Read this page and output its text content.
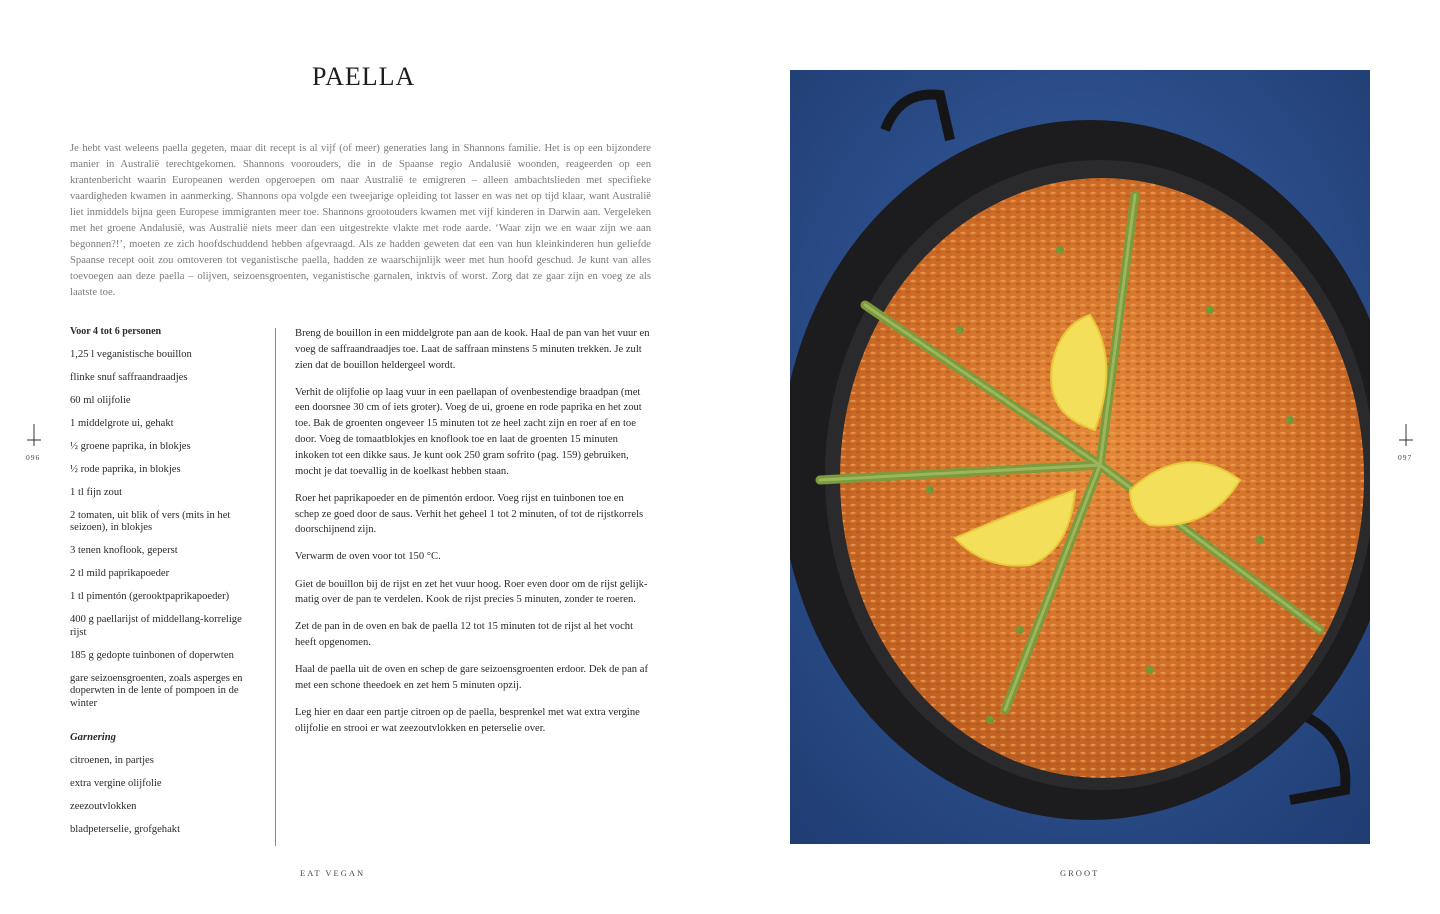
PAELLA

Je hebt vast weleens paella gegeten, maar dit recept is al vijf (of meer) generaties lang in Shannons familie. Het is op een bijzondere manier in Australië terechtgekomen. Shannons voorouders, die in de Spaanse regio Andalusië woonden, reageerden op een krantenbericht waarin Europeanen werden opgeroepen om naar Australië te emigreren – alleen ambachtslieden met specifieke vaardigheden kwamen in aanmerking. Shannons opa volgde een tweejarige opleiding tot lasser en was net op tijd klaar, want Australië liet inmiddels bijna geen Europese immigranten meer toe. Shannons grootouders kwamen met vijf kinderen in Darwin aan. Vergeleken met het groene Andalusië, was Australië niets meer dan een uitgestrekte vlakte met rode aarde. ‘Waar zijn we en waar zijn we aan begonnen?!’, moeten ze zich hoofdschuddend hebben afgevraagd. Als ze hadden geweten dat een van hun kleinkinderen hun geliefde Spaanse recept ooit zou omtoveren tot veganistische paella, hadden ze waarschijnlijk weer met hun hoofd geschud. Je kunt van alles toevoegen aan deze paella – olijven, seizoensgroenten, veganistische garnalen, inktvis of worst. Zorg dat ze gaar zijn en voeg ze als laatste toe.

Voor 4 tot 6 personen
1,25 l veganistische bouillon
flinke snuf saffraandraadjes
60 ml olijfolie
1 middelgrote ui, gehakt
½ groene paprika, in blokjes
½ rode paprika, in blokjes
1 tl fijn zout
2 tomaten, uit blik of vers (mits in het seizoen), in blokjes
3 tenen knoflook, geperst
2 tl mild paprikapoeder
1 tl pimentón (gerooktpaprikapoeder)
400 g paellarijst of middellang-korrelige rijst
185 g gedopte tuinbonen of doperwten
gare seizoensgroenten, zoals asperges en doperwten in de lente of pompoen in de winter
Garnering
citroenen, in partjes
extra vergine olijfolie
zeezoutvlokken
bladpeterselie, grofgehakt

Breng de bouillon in een middelgrote pan aan de kook. Haal de pan van het vuur en voeg de saffraandraadjes toe. Laat de saffraan minstens 5 minuten trekken. Je zult zien dat de bouillon heldergeel wordt.

Verhit de olijfolie op laag vuur in een paellapan of ovenbestendige braadpan (met een doorsnee 30 cm of iets groter). Voeg de ui, groene en rode paprika en het zout toe. Bak de groenten ongeveer 15 minuten tot ze heel zacht zijn en roer af en toe door. Voeg de tomaatblokjes en knoflook toe en laat de groenten 15 minuten inkoken tot een dikke saus. Je kunt ook 250 gram sofrito (pag. 159) gebruiken, mocht je dat toevallig in de koelkast hebben staan.

Roer het paprikapoeder en de pimentón erdoor. Voeg rijst en tuinbonen toe en schep ze goed door de saus. Verhit het geheel 1 tot 2 minuten, of tot de rijstkorrels doorschijnend zijn.

Verwarm de oven voor tot 150 °C.

Giet de bouillon bij de rijst en zet het vuur hoog. Roer even door om de rijst gelijk-matig over de pan te verdelen. Kook de rijst precies 5 minuten, zonder te roeren.

Zet de pan in de oven en bak de paella 12 tot 15 minuten tot de rijst al het vocht heeft opgenomen.

Haal de paella uit de oven en schep de gare seizoensgroenten erdoor. Dek de pan af met een schone theedoek en zet hem 5 minuten opzij.

Leg hier en daar een partje citroen op de paella, besprenkel met wat extra vergine olijfolie en strooi er wat zeezoutvlokken en peterselie over.

096	097
EAT VEGAN	GROOT
